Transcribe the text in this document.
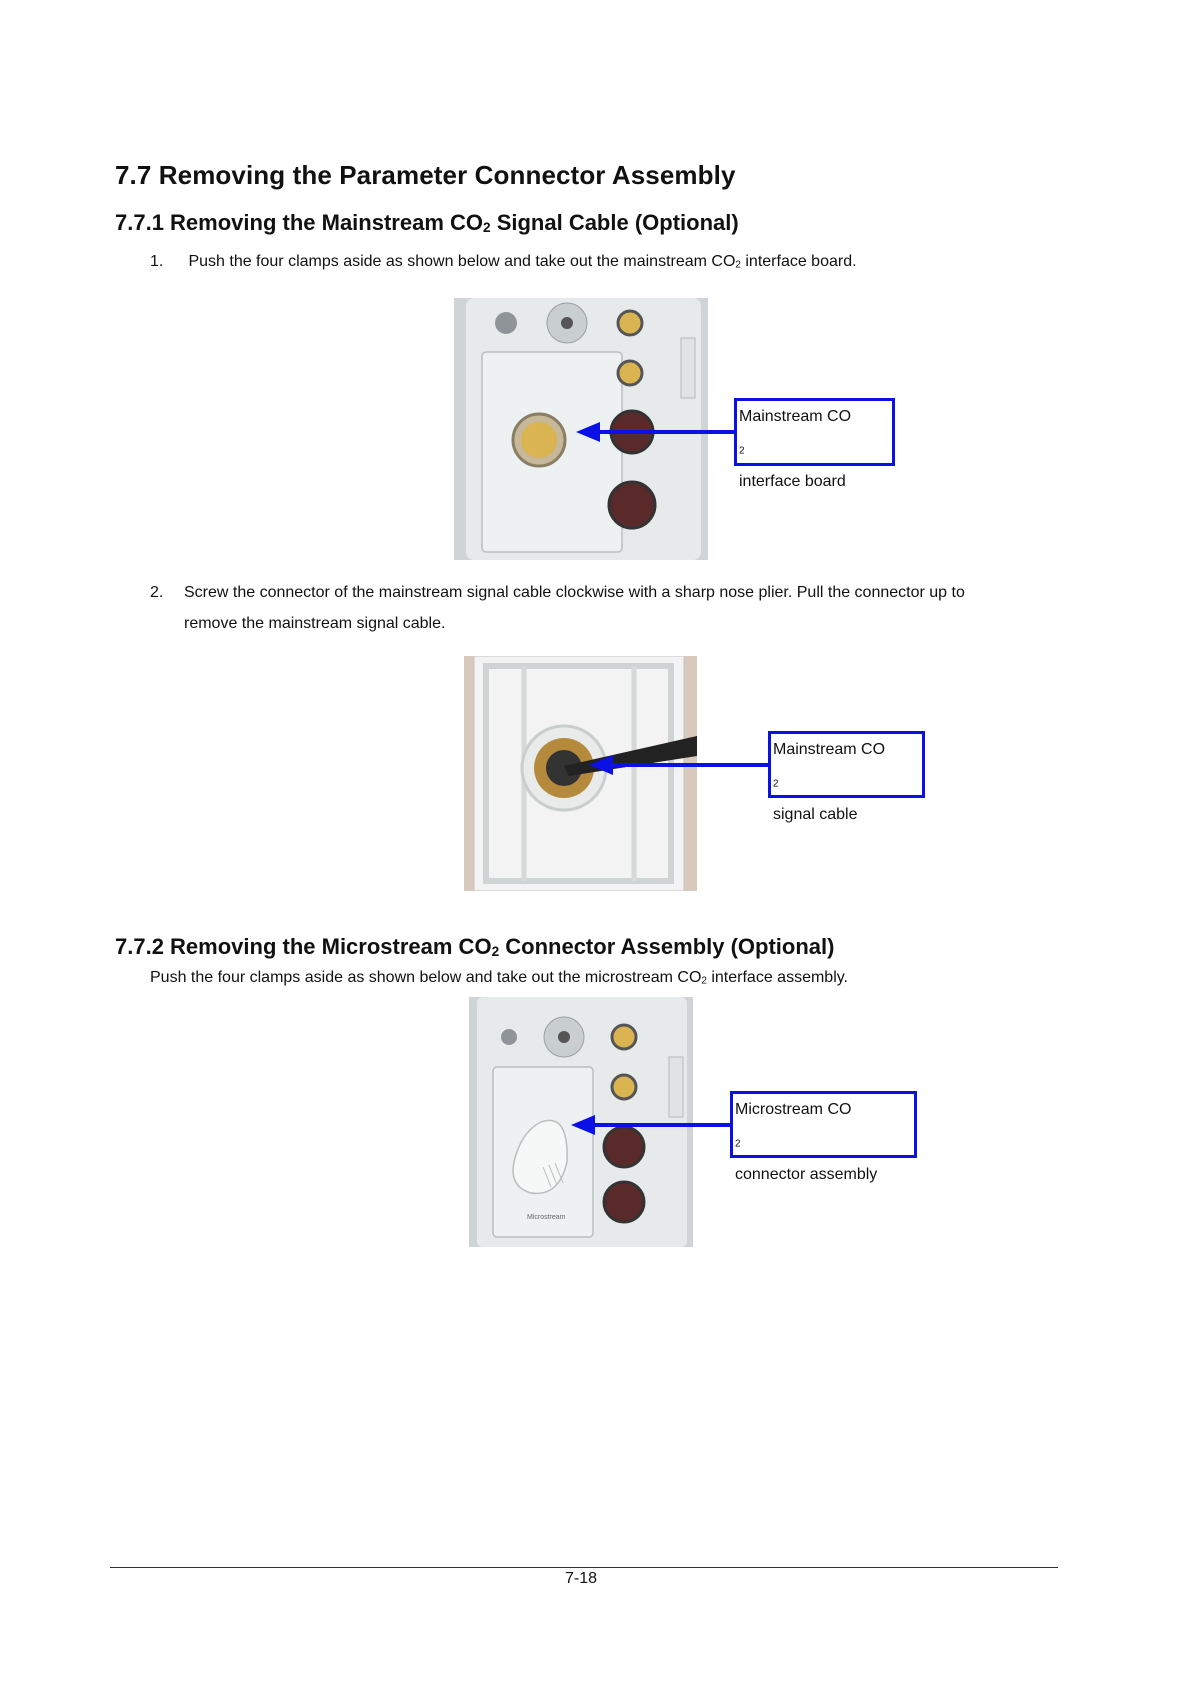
7.7 Removing the Parameter Connector Assembly
7.7.1 Removing the Mainstream $CO_2$ Signal Cable (Optional)
1. Push the four clamps aside as shown below and take out the mainstream $CO_2$ interface board.
Mainstream CO
$_2$
interface board
2.	Screw the connector of the mainstream signal cable clockwise with a sharp nose plier. Pull the connector up to
remove the mainstream signal cable.
Mainstream CO
$_2$
signal cable
7.7.2 Removing the Microstream $CO_2$ Connector Assembly (Optional)
Push the four clamps aside as shown below and take out the microstream $CO_2$ interface assembly.
Microstream
Microstream CO
$_2$
connector assembly
7-18
